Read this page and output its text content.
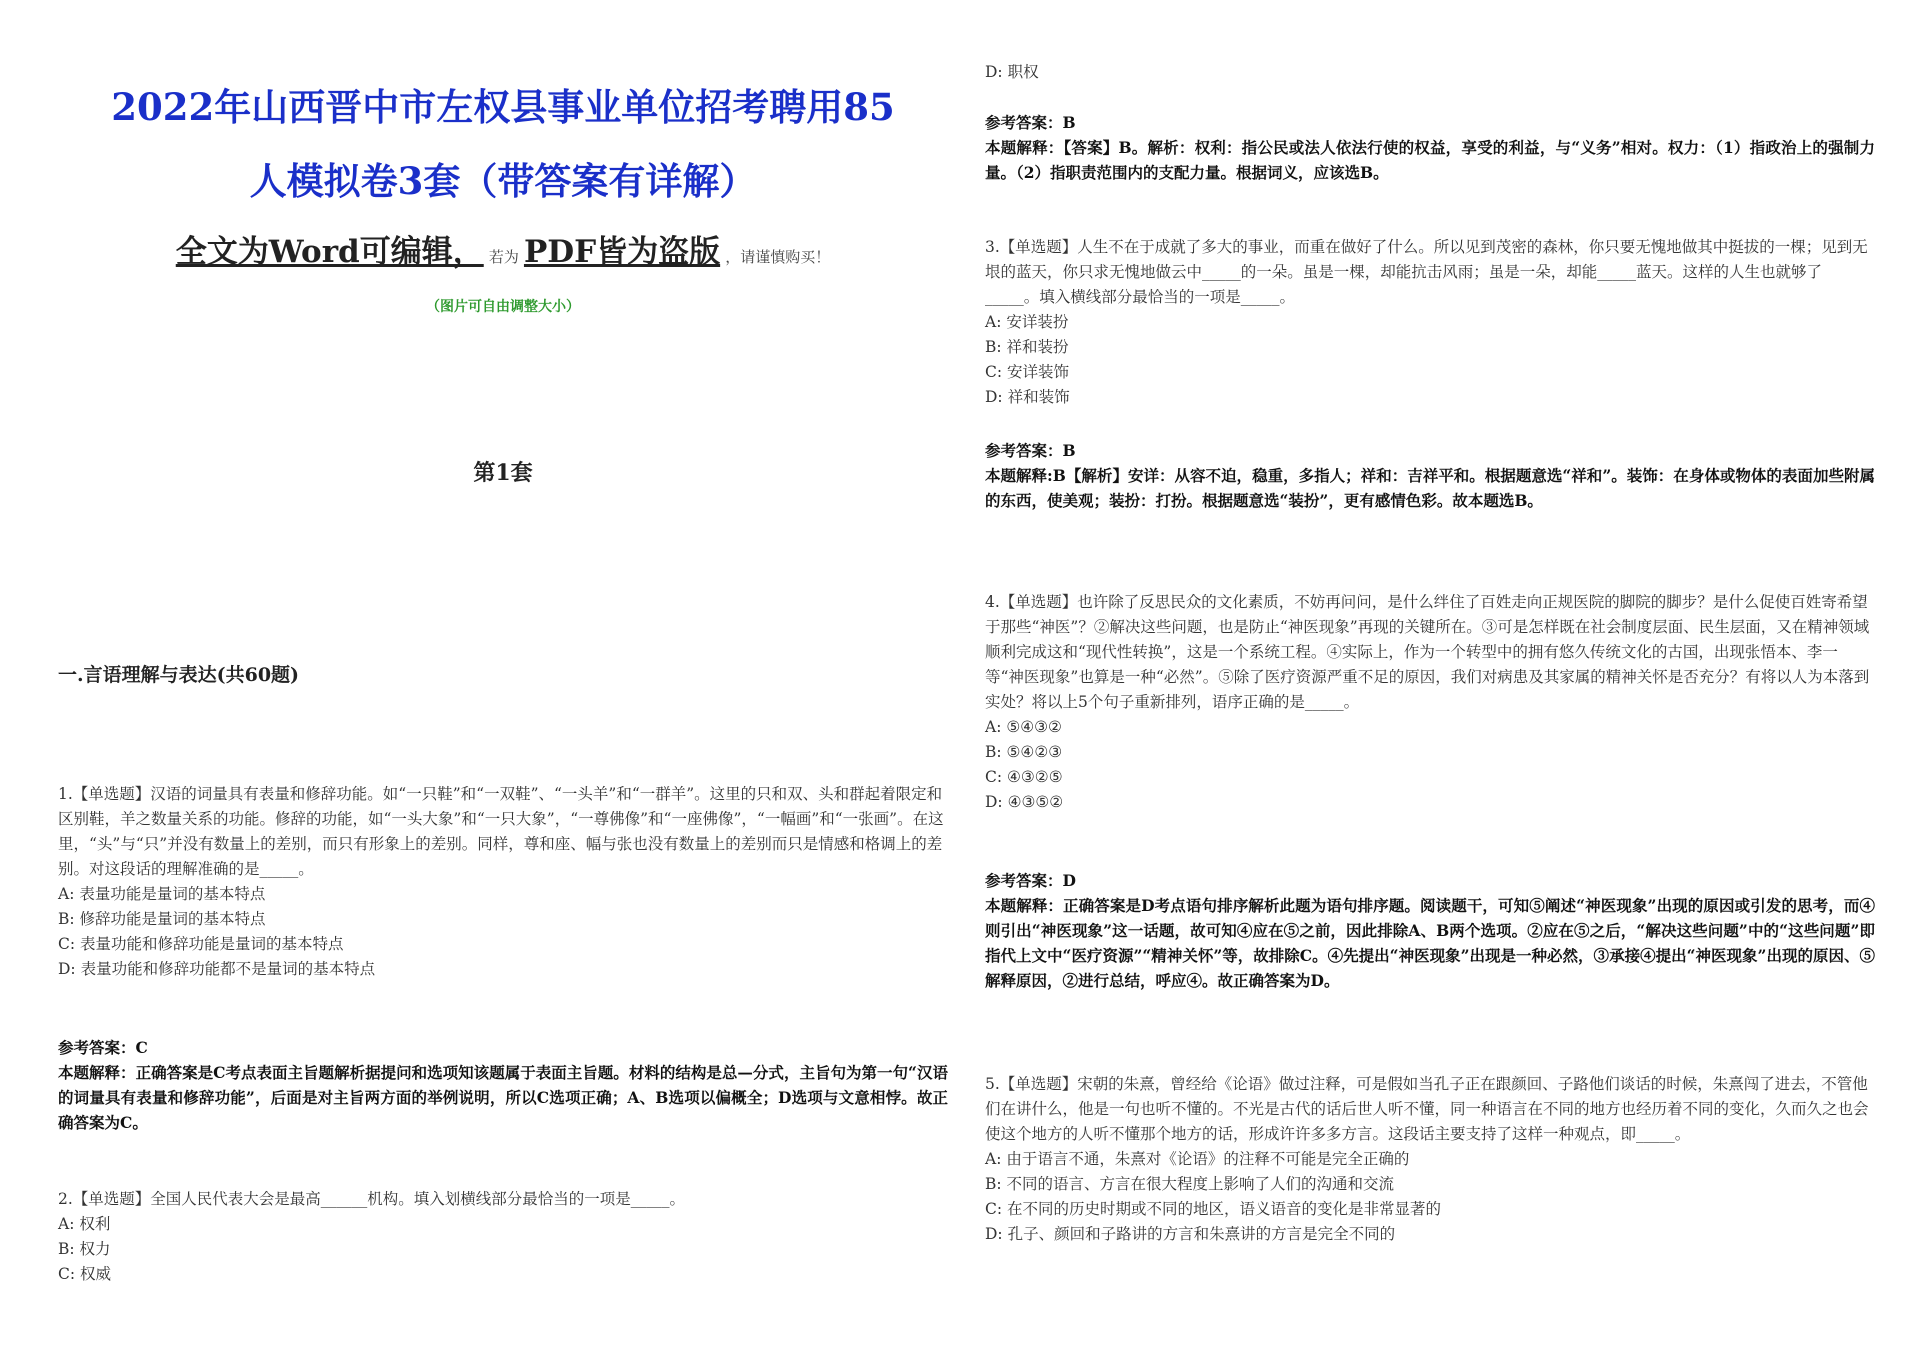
2022年山西晋中市左权县事业单位招考聘用85
人模拟卷3套（带答案有详解）
全文为Word可编辑， 若为 PDF皆为盗版 ，请谨慎购买！
（图片可自由调整大小）
第1套
一.言语理解与表达(共60题)

1.【单选题】汉语的词量具有表量和修辞功能。如“一只鞋”和“一双鞋”、“一头羊”和“一群羊”。这里的只和双、头和群起着限定和区别鞋，羊之数量关系的功能。修辞的功能，如“一头大象”和“一只大象”，“一尊佛像”和“一座佛像”，“一幅画”和“一张画”。在这里，“头”与“只”并没有数量上的差别，而只有形象上的差别。同样，尊和座、幅与张也没有数量上的差别而只是情感和格调上的差别。对这段话的理解准确的是_____。

A: 表量功能是量词的基本特点
B: 修辞功能是量词的基本特点
C: 表量功能和修辞功能是量词的基本特点
D: 表量功能和修辞功能都不是量词的基本特点

参考答案：C

本题解释：正确答案是C考点表面主旨题解析据提问和选项知该题属于表面主旨题。材料的结构是总—分式，主旨句为第一句“汉语的词量具有表量和修辞功能”，后面是对主旨两方面的举例说明，所以C选项正确；A、B选项以偏概全；D选项与文意相悖。故正确答案为C。

2.【单选题】全国人民代表大会是最高______机构。填入划横线部分最恰当的一项是_____。

A: 权利
B: 权力
C: 权威
D: 职权

参考答案：B

本题解释：【答案】B。解析：权利：指公民或法人依法行使的权益，享受的利益，与“义务”相对。权力：（1）指政治上的强制力量。（2）指职责范围内的支配力量。根据词义，应该选B。

3.【单选题】人生不在于成就了多大的事业，而重在做好了什么。所以见到茂密的森林，你只要无愧地做其中挺拔的一棵；见到无垠的蓝天，你只求无愧地做云中_____的一朵。虽是一棵，却能抗击风雨；虽是一朵，却能_____蓝天。这样的人生也就够了_____。填入横线部分最恰当的一项是_____。

A: 安详装扮
B: 祥和装扮
C: 安详装饰
D: 祥和装饰

参考答案：B

本题解释:B【解析】安详：从容不迫，稳重，多指人；祥和：吉祥平和。根据题意选“祥和”。装饰：在身体或物体的表面加些附属的东西，使美观；装扮：打扮。根据题意选“装扮”，更有感情色彩。故本题选B。

4.【单选题】也许除了反思民众的文化素质，不妨再问问，是什么绊住了百姓走向正规医院的脚院的脚步？是什么促使百姓寄希望于那些“神医”？②解决这些问题，也是防止“神医现象”再现的关键所在。③可是怎样既在社会制度层面、民生层面，又在精神领域顺利完成这和“现代性转换”，这是一个系统工程。④实际上，作为一个转型中的拥有悠久传统文化的古国，出现张悟本、李一等“神医现象”也算是一种“必然”。⑤除了医疗资源严重不足的原因，我们对病患及其家属的精神关怀是否充分？有将以人为本落到实处？将以上5个句子重新排列，语序正确的是_____。

A: ⑤④③②
B: ⑤④②③
C: ④③②⑤
D: ④③⑤②

参考答案：D

本题解释：正确答案是D考点语句排序解析此题为语句排序题。阅读题干，可知⑤阐述“神医现象”出现的原因或引发的思考，而④则引出“神医现象”这一话题，故可知④应在⑤之前，因此排除A、B两个选项。②应在⑤之后，“解决这些问题”中的“这些问题”即指代上文中“医疗资源”“精神关怀”等，故排除C。④先提出“神医现象”出现是一种必然，③承接④提出“神医现象”出现的原因、⑤解释原因，②进行总结，呼应④。故正确答案为D。

5.【单选题】宋朝的朱熹，曾经给《论语》做过注释，可是假如当孔子正在跟颜回、子路他们谈话的时候，朱熹闯了进去，不管他们在讲什么，他是一句也听不懂的。不光是古代的话后世人听不懂，同一种语言在不同的地方也经历着不同的变化，久而久之也会使这个地方的人听不懂那个地方的话，形成许许多多方言。这段话主要支持了这样一种观点，即_____。

A: 由于语言不通，朱熹对《论语》的注释不可能是完全正确的
B: 不同的语言、方言在很大程度上影响了人们的沟通和交流
C: 在不同的历史时期或不同的地区，语义语音的变化是非常显著的
D: 孔子、颜回和子路讲的方言和朱熹讲的方言是完全不同的
